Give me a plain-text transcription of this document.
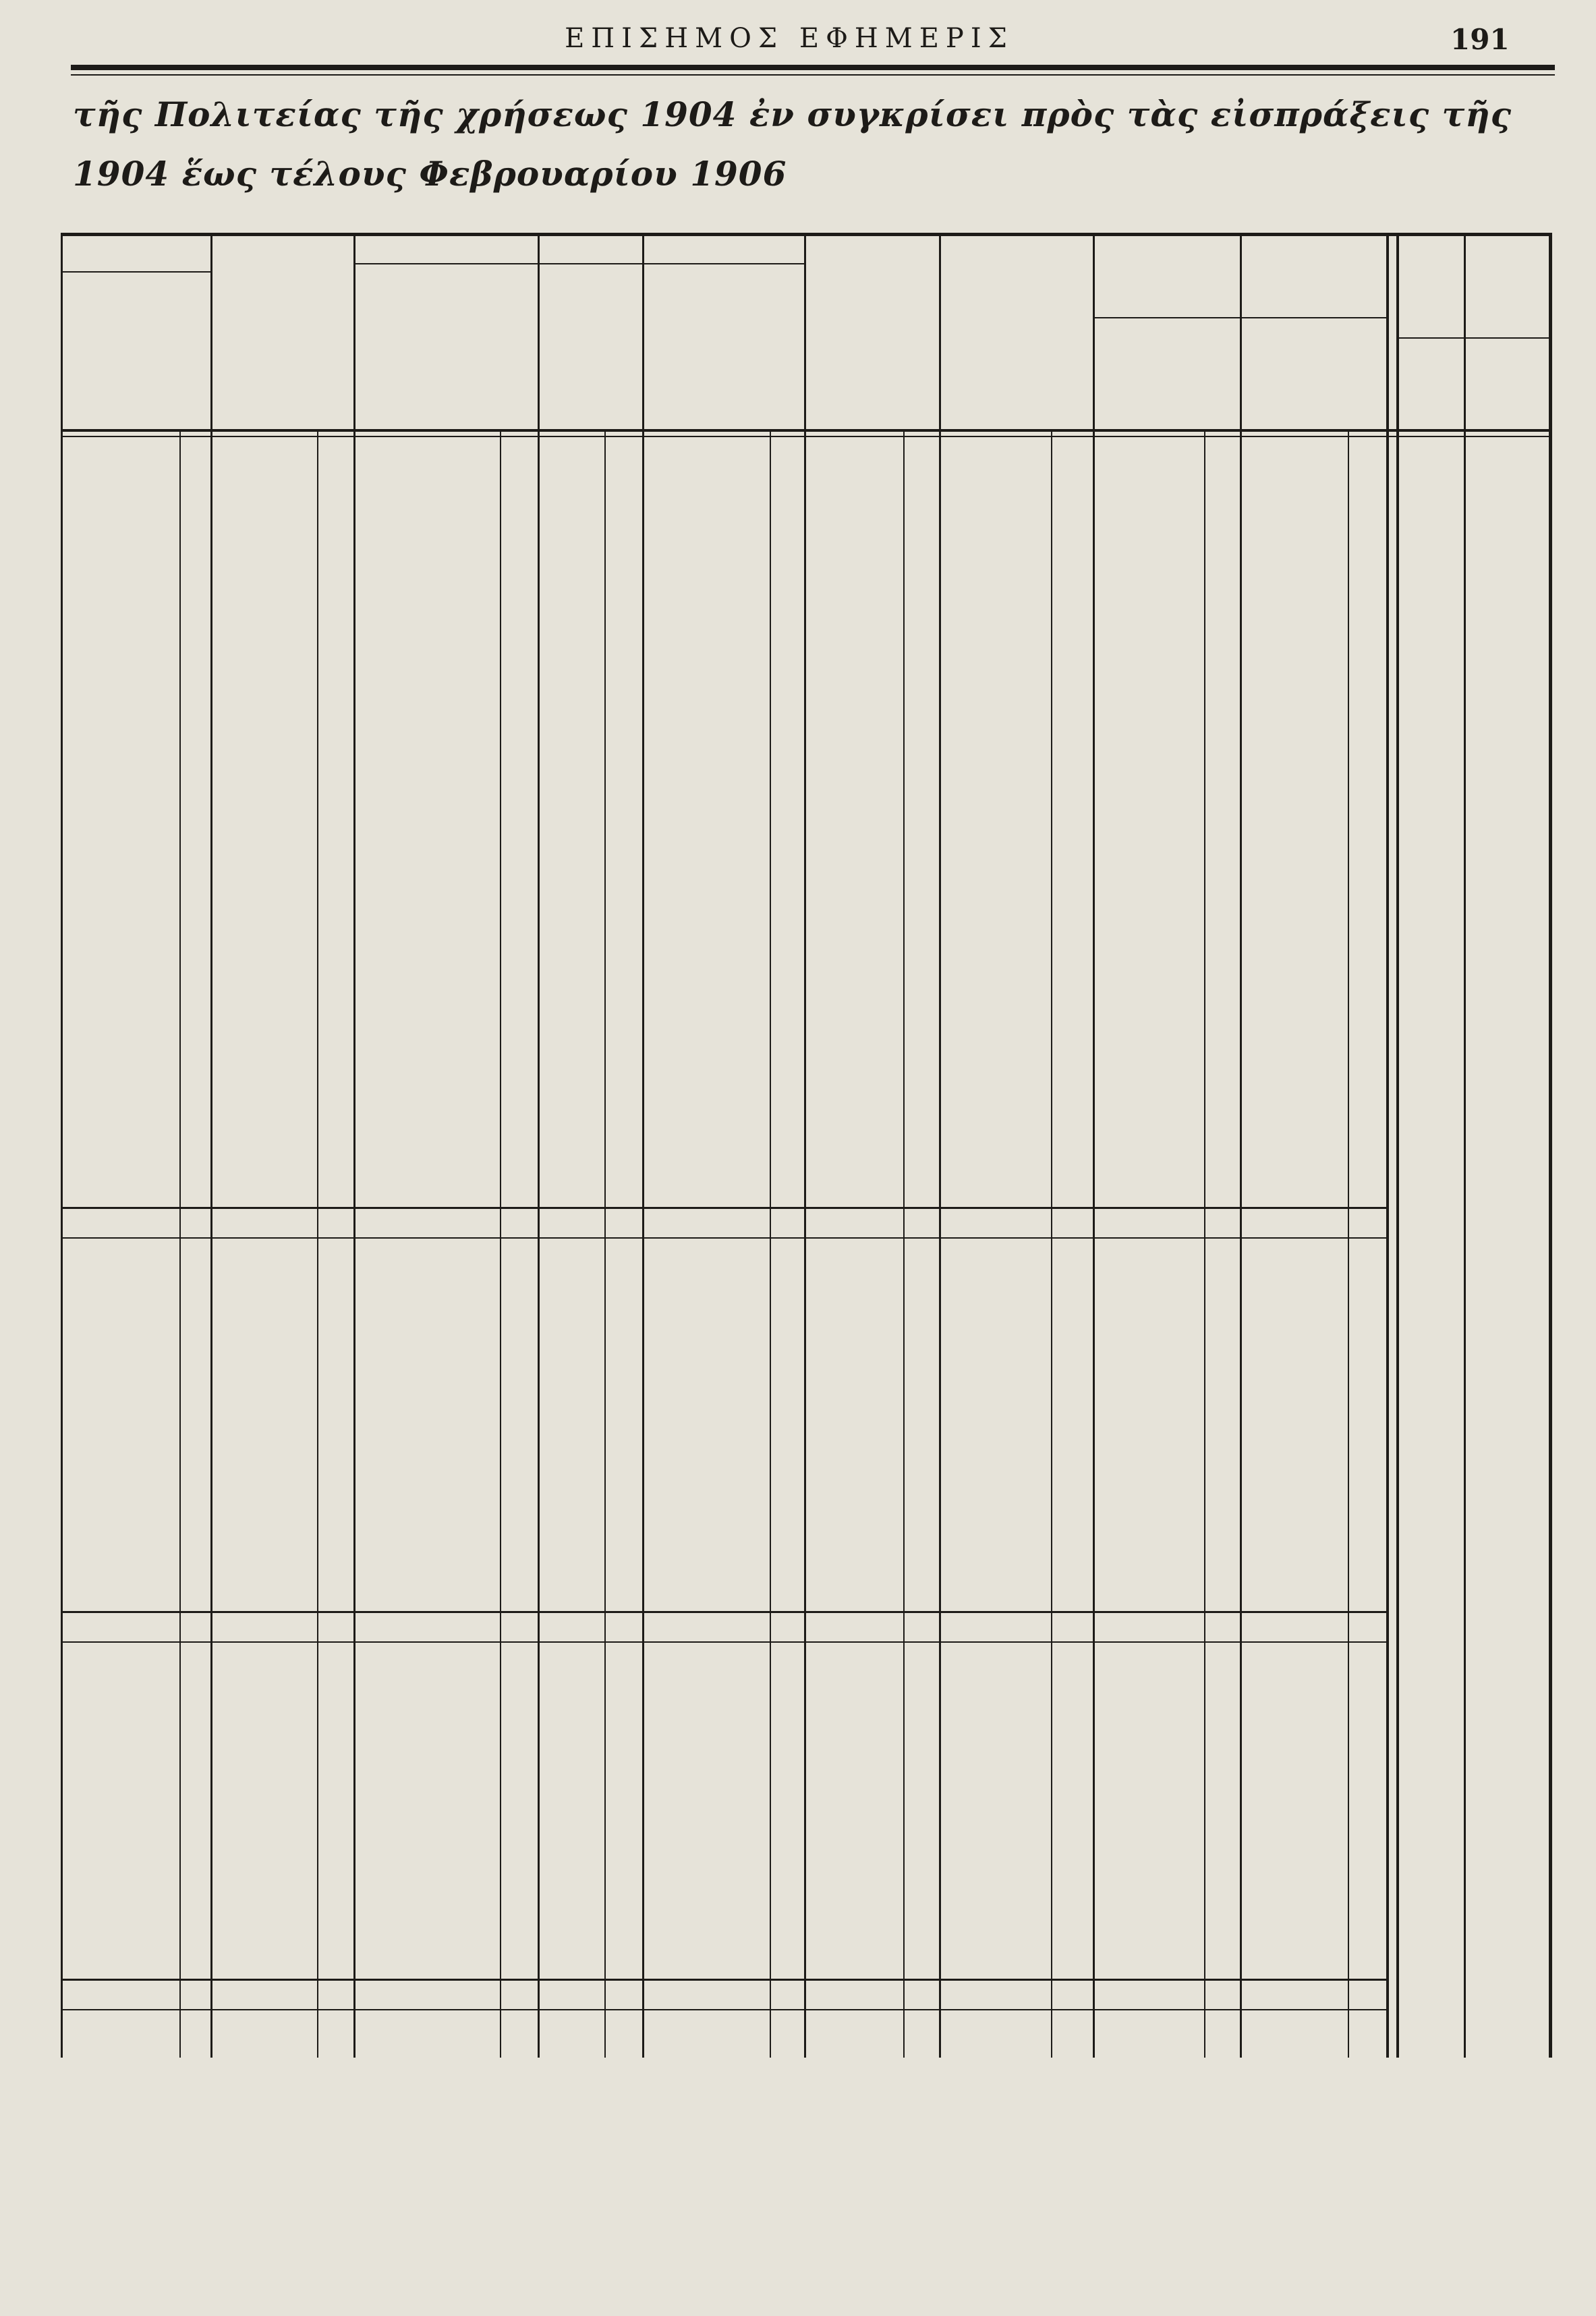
ΕΠΙΣΗΜΟΣ ΕΦΗΜΕΡΙΣ	191
τῆς Πολιτείας τῆς χρήσεως 1904 ἐν συγκρίσει πρὸς τὰς εἰσπράξεις τῆς
1904 ἕως τέλους Φεβρουαρίου 1906
